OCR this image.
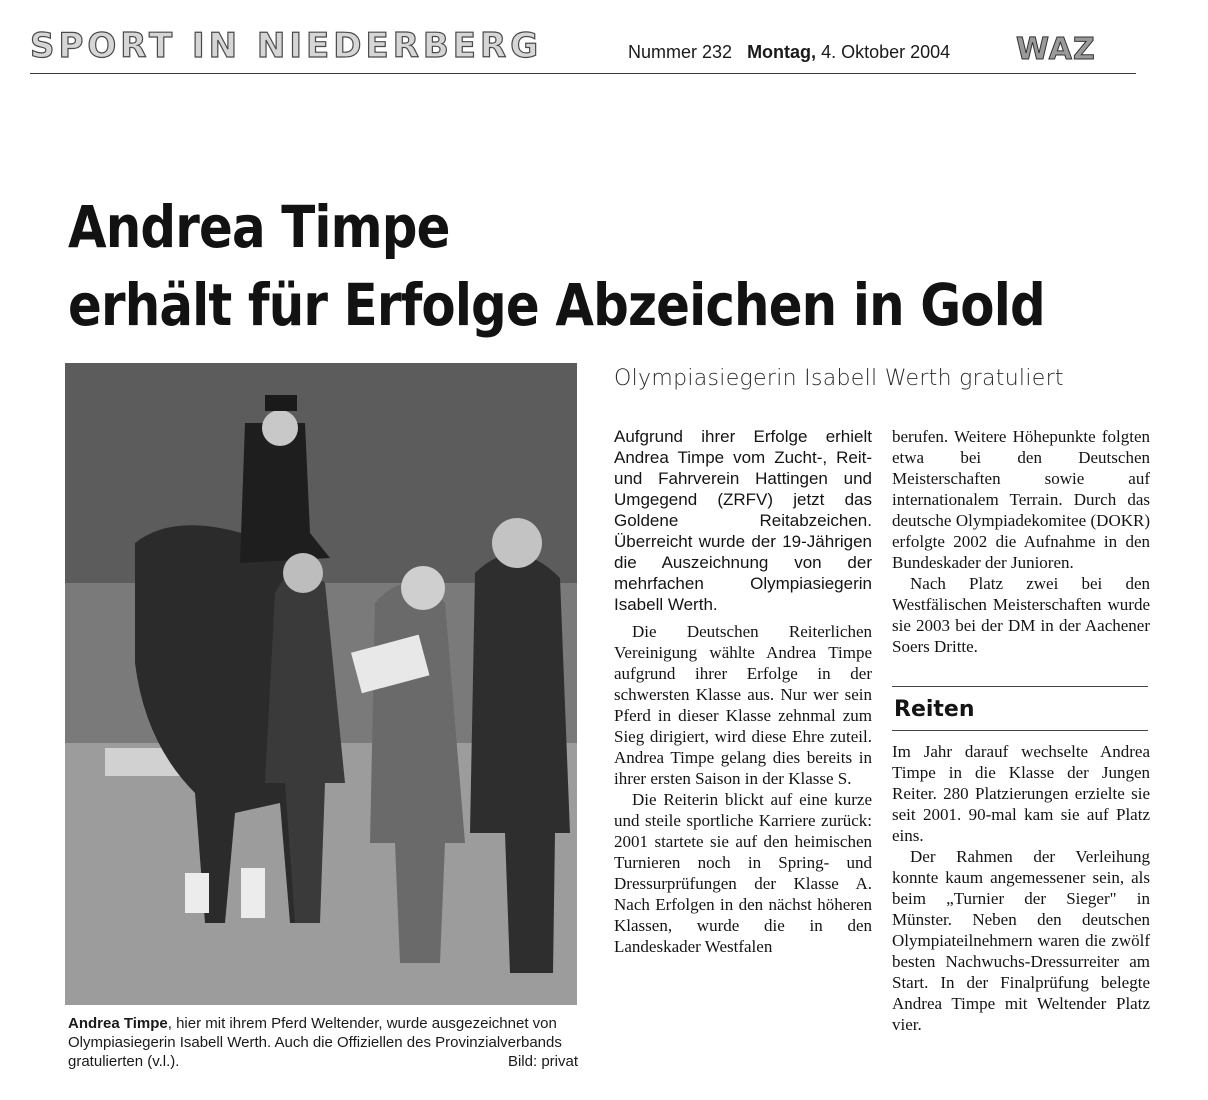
SPORT IN NIEDERBERG	Nummer 232 Montag, 4. Oktober 2004 WAZ
Andrea Timpe
erhält für Erfolge Abzeichen in Gold
Andrea Timpe, hier mit ihrem Pferd Weltender, wurde ausgezeichnet von Olympiasiegerin Isabell Werth. Auch die Offiziellen des Provinzialverbands gratulierten (v.l.).	Bild: privat
Olympiasiegerin Isabell Werth gratuliert

Aufgrund ihrer Erfolge erhielt Andrea Timpe vom Zucht-, Reit- und Fahrverein Hattingen und Umgegend (ZRFV) jetzt das Goldene Reitabzeichen. Überreicht wurde der 19-Jährigen die Auszeichnung von der mehrfachen Olympiasiegerin Isabell Werth.

Die Deutschen Reiterlichen Vereinigung wählte Andrea Timpe aufgrund ihrer Erfolge in der schwersten Klasse aus. Nur wer sein Pferd in dieser Klasse zehnmal zum Sieg dirigiert, wird diese Ehre zuteil. Andrea Timpe gelang dies bereits in ihrer ersten Saison in der Klasse S.

Die Reiterin blickt auf eine kurze und steile sportliche Karriere zurück: 2001 startete sie auf den heimischen Turnieren noch in Spring- und Dressurprüfungen der Klasse A. Nach Erfolgen in den nächst höheren Klassen, wurde die in den Landeskader Westfalen

berufen. Weitere Höhepunkte folgten etwa bei den Deutschen Meisterschaften sowie auf internationalem Terrain. Durch das deutsche Olympiadekomitee (DOKR) erfolgte 2002 die Aufnahme in den Bundeskader der Junioren.

Nach Platz zwei bei den Westfälischen Meisterschaften wurde sie 2003 bei der DM in der Aachener Soers Dritte.

Reiten

Im Jahr darauf wechselte Andrea Timpe in die Klasse der Jungen Reiter. 280 Platzierungen erzielte sie seit 2001. 90-mal kam sie auf Platz eins.

Der Rahmen der Verleihung konnte kaum angemessener sein, als beim „Turnier der Sieger" in Münster. Neben den deutschen Olympiateilnehmern waren die zwölf besten Nachwuchs-Dressurreiter am Start. In der Finalprüfung belegte Andrea Timpe mit Weltender Platz vier.
